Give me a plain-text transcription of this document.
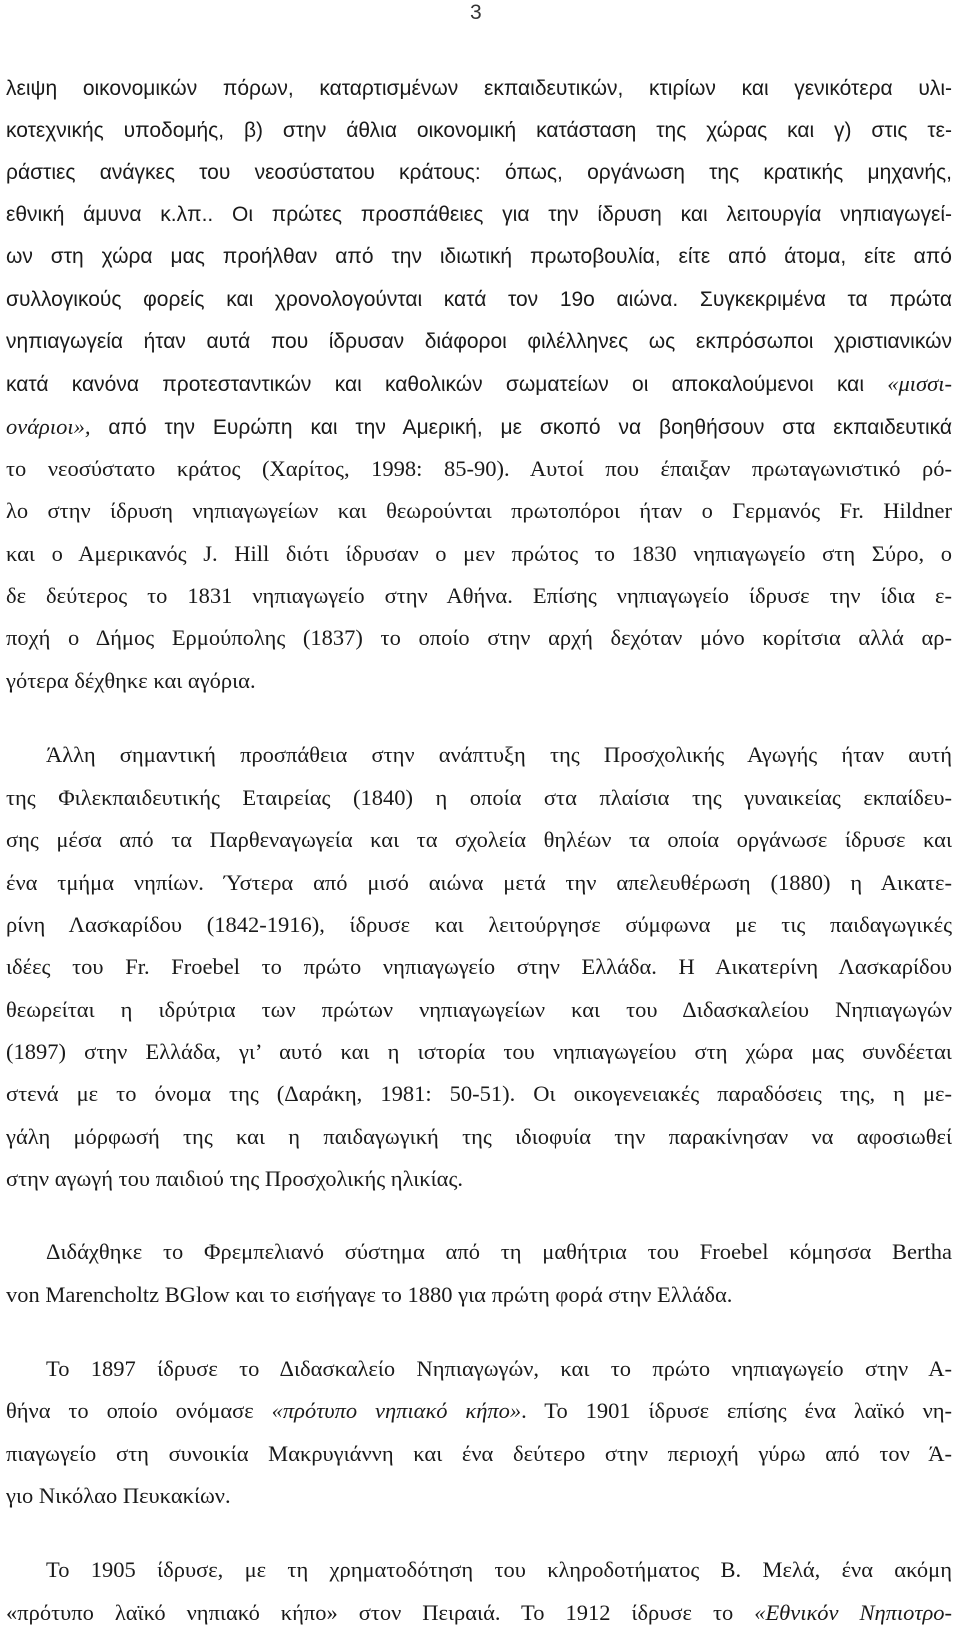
3
λειψη οικονομικών πόρων, καταρτισμένων εκπαιδευτικών, κτιρίων και γενικότερα υλι-
κοτεχνικής υποδομής, β) στην άθλια οικονομική κατάσταση της χώρας και γ) στις τε-
ράστιες ανάγκες του νεοσύστατου κράτους: όπως, οργάνωση της κρατικής μηχανής,
εθνική άμυνα κ.λπ.. Οι πρώτες προσπάθειες για την ίδρυση και λειτουργία νηπιαγωγεί-
ων στη χώρα μας προήλθαν από την ιδιωτική πρωτοβουλία, είτε από άτομα, είτε από
συλλογικούς φορείς και χρονολογούνται κατά τον 19ο αιώνα. Συγκεκριμένα τα πρώτα
νηπιαγωγεία ήταν αυτά που ίδρυσαν διάφοροι φιλέλληνες ως εκπρόσωποι χριστιανικών
κατά κανόνα προτεσταντικών και καθολικών σωματείων οι αποκαλούμενοι και «μισσι-
ονάριοι», από την Ευρώπη και την Αμερική, με σκοπό να βοηθήσουν στα εκπαιδευτικά
το νεοσύστατο κράτος (Χαρίτος, 1998: 85-90). Αυτοί που έπαιξαν πρωταγωνιστικό ρό-
λο στην ίδρυση νηπιαγωγείων και θεωρούνται πρωτοπόροι ήταν ο Γερμανός Fr. Hildner
και ο Αμερικανός J. Hill διότι ίδρυσαν ο μεν πρώτος το 1830 νηπιαγωγείο στη Σύρο, ο
δε δεύτερος το 1831 νηπιαγωγείο στην Αθήνα. Επίσης νηπιαγωγείο ίδρυσε την ίδια ε-
ποχή ο Δήμος Ερμούπολης (1837) το οποίο στην αρχή δεχόταν μόνο κορίτσια αλλά αρ-
γότερα δέχθηκε και αγόρια.
Άλλη σημαντική προσπάθεια στην ανάπτυξη της Προσχολικής Αγωγής ήταν αυτή
της Φιλεκπαιδευτικής Εταιρείας (1840) η οποία στα πλαίσια της γυναικείας εκπαίδευ-
σης μέσα από τα Παρθεναγωγεία και τα σχολεία θηλέων τα οποία οργάνωσε ίδρυσε και
ένα τμήμα νηπίων. Ύστερα από μισό αιώνα μετά την απελευθέρωση (1880) η Αικατε-
ρίνη Λασκαρίδου (1842-1916), ίδρυσε και λειτούργησε σύμφωνα με τις παιδαγωγικές
ιδέες του Fr. Froebel το πρώτο νηπιαγωγείο στην Ελλάδα. Η Αικατερίνη Λασκαρίδου
θεωρείται η ιδρύτρια των πρώτων νηπιαγωγείων και του Διδασκαλείου Νηπιαγωγών
(1897) στην Ελλάδα, γι’ αυτό και η ιστορία του νηπιαγωγείου στη χώρα μας συνδέεται
στενά με το όνομα της (Δαράκη, 1981: 50-51). Οι οικογενειακές παραδόσεις της, η με-
γάλη μόρφωσή της και η παιδαγωγική της ιδιοφυία την παρακίνησαν να αφοσιωθεί
στην αγωγή του παιδιού της Προσχολικής ηλικίας.
Διδάχθηκε το Φρεμπελιανό σύστημα από τη μαθήτρια του Froebel κόμησσα Bertha
von Marencholtz BGlow και το εισήγαγε το 1880 για πρώτη φορά στην Ελλάδα.
Το 1897 ίδρυσε το Διδασκαλείο Νηπιαγωγών, και το πρώτο νηπιαγωγείο στην Α-
θήνα το οποίο ονόμασε «πρότυπο νηπιακό κήπο». Το 1901 ίδρυσε επίσης ένα λαϊκό νη-
πιαγωγείο στη συνοικία Μακρυγιάννη και ένα δεύτερο στην περιοχή γύρω από τον Ά-
γιο Νικόλαο Πευκακίων.
Το 1905 ίδρυσε, με τη χρηματοδότηση του κληροδοτήματος Β. Μελά, ένα ακόμη
«πρότυπο λαϊκό νηπιακό κήπο» στον Πειραιά. Το 1912 ίδρυσε το «Εθνικόν Νηπιοτρο-
